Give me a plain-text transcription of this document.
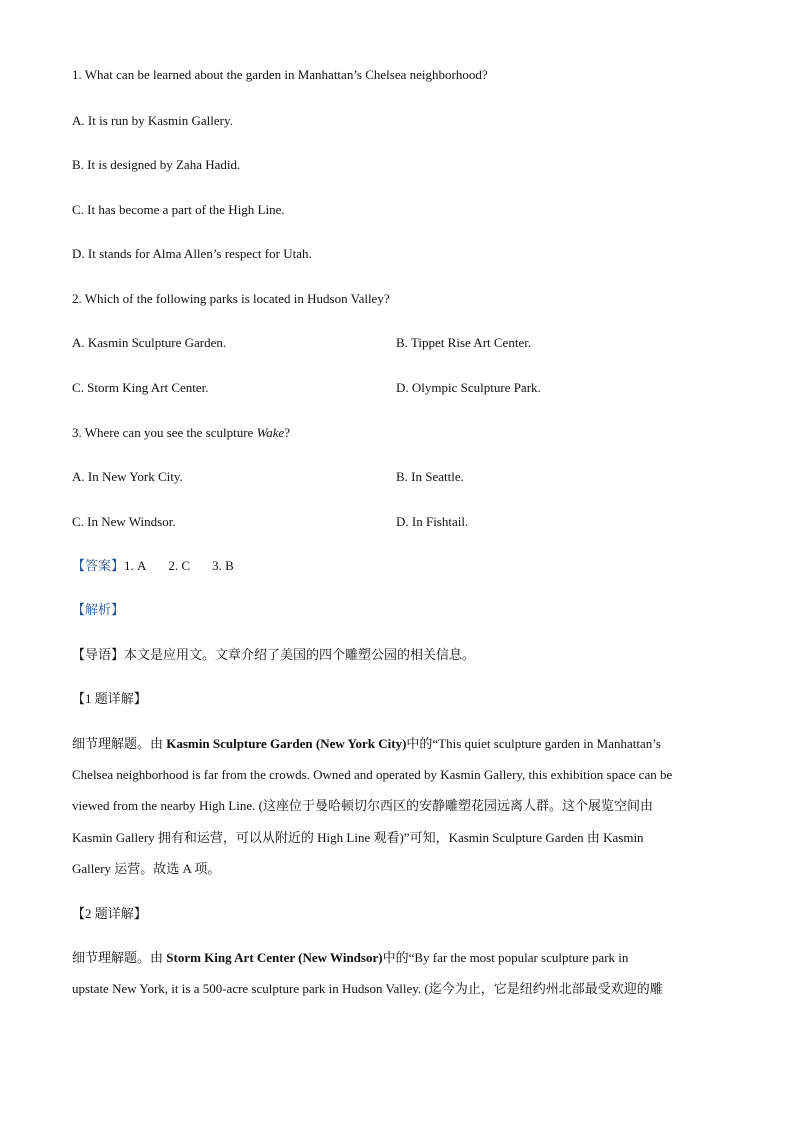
1. What can be learned about the garden in Manhattan’s Chelsea neighborhood?
A. It is run by Kasmin Gallery.
B. It is designed by Zaha Hadid.
C. It has become a part of the High Line.
D. It stands for Alma Allen’s respect for Utah.
2. Which of the following parks is located in Hudson Valley?
A. Kasmin Sculpture Garden.	B. Tippet Rise Art Center.
C. Storm King Art Center.	D. Olympic Sculpture Park.
3. Where can you see the sculpture Wake?
A. In New York City.	B. In Seattle.
C. In New Windsor.	D. In Fishtail.
【答案】1. A 2. C 3. B
【解析】
【导语】本文是应用文。文章介绍了美国的四个雕塑公园的相关信息。
【1 题详解】
细节理解题。由 Kasmin Sculpture Garden (New York City)中的“This quiet sculpture garden in Manhattan’s
Chelsea neighborhood is far from the crowds. Owned and operated by Kasmin Gallery, this exhibition space can be
viewed from the nearby High Line. (这座位于曼哈顿切尔西区的安静雕塑花园远离人群。这个展览空间由
Kasmin Gallery 拥有和运营，可以从附近的 High Line 观看)”可知，Kasmin Sculpture Garden 由 Kasmin
Gallery 运营。故选 A 项。
【2 题详解】
细节理解题。由 Storm King Art Center (New Windsor)中的“By far the most popular sculpture park in
upstate New York, it is a 500-acre sculpture park in Hudson Valley. (迄今为止，它是纽约州北部最受欢迎的雕
